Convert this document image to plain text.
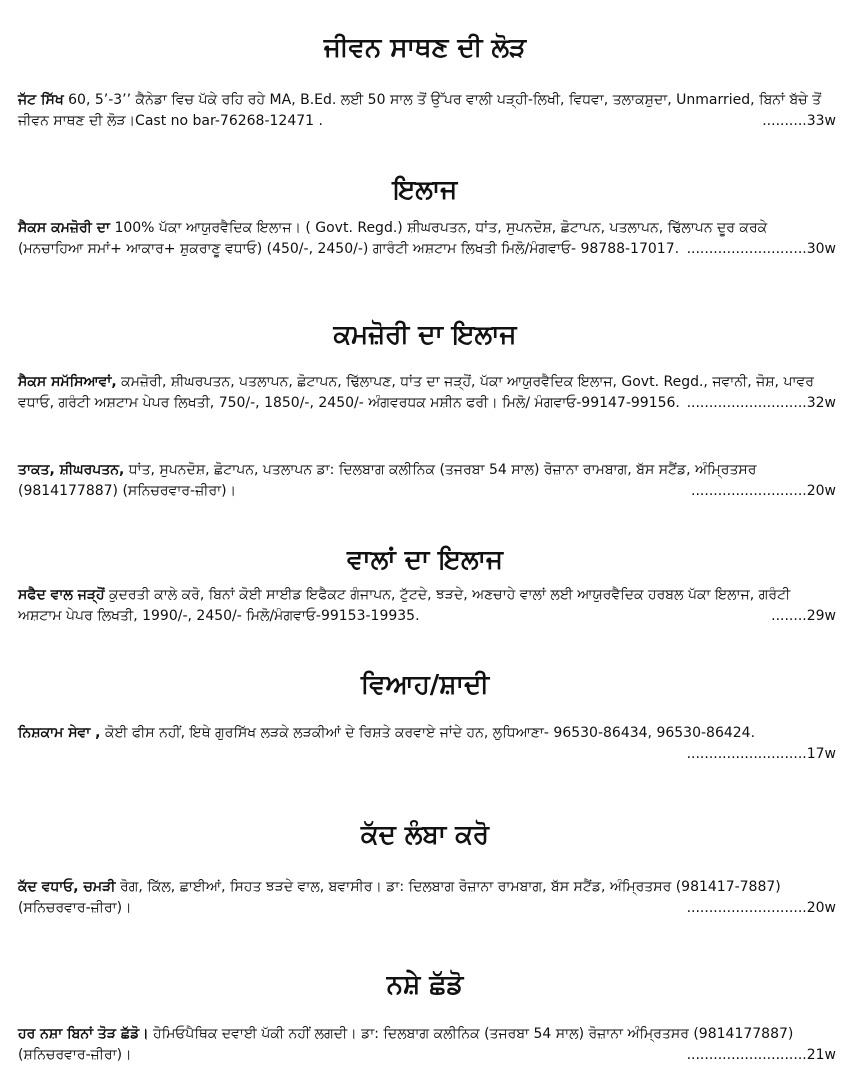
ਜੀਵਨ ਸਾਥਣ ਦੀ ਲੋੜ

ਜੱਟ ਸਿੱਖ 60, 5’-3’’ ਕੈਨੇਡਾ ਵਿਚ ਪੱਕੇ ਰਹਿ ਰਹੇ MA, B.Ed. ਲਈ 50 ਸਾਲ ਤੋਂ ਉੱਪਰ ਵਾਲੀ ਪੜ੍ਹੀ-ਲਿਖੀ, ਵਿਧਵਾ, ਤਲਾਕਸ਼ੁਦਾ, Unmarried, ਬਿਨਾਂ ਬੱਚੇ ਤੋਂ ਜੀਵਨ ਸਾਥਣ ਦੀ ਲੋੜ।Cast no bar-76268-12471 .	..........33w

ਇਲਾਜ

ਸੈਕਸ ਕਮਜ਼ੋਰੀ ਦਾ 100% ਪੱਕਾ ਆਯੁਰਵੈਦਿਕ ਇਲਾਜ। ( Govt. Regd.) ਸ਼ੀਘਰਪਤਨ, ਧਾਂਤ, ਸੁਪਨਦੋਸ਼, ਛੋਟਾਪਨ, ਪਤਲਾਪਨ, ਢਿੱਲਾਪਨ ਦੂਰ ਕਰਕੇ (ਮਨਚਾਹਿਆ ਸਮਾਂ+ ਆਕਾਰ+ ਸ਼ੁਕਰਾਣੂ ਵਧਾਓ) (450/-, 2450/-) ਗਾਰੰਟੀ ਅਸ਼ਟਾਮ ਲਿਖਤੀ ਮਿਲੋ/ਮੰਗਵਾਓ- 98788-17017. ...........................30w

ਕਮਜ਼ੋਰੀ ਦਾ ਇਲਾਜ

ਸੈਕਸ ਸਮੱਸਿਆਵਾਂ, ਕਮਜ਼ੋਰੀ, ਸ਼ੀਘਰਪਤਨ, ਪਤਲਾਪਨ, ਛੋਟਾਪਨ, ਢਿੱਲਾਪਣ, ਧਾਂਤ ਦਾ ਜੜ੍ਹੋਂ, ਪੱਕਾ ਆਯੁਰਵੈਦਿਕ ਇਲਾਜ, Govt. Regd., ਜਵਾਨੀ, ਜੋਸ਼, ਪਾਵਰ ਵਧਾਓ, ਗਰੰਟੀ ਅਸ਼ਟਾਮ ਪੇਪਰ ਲਿਖਤੀ, 750/-, 1850/-, 2450/- ਅੰਗਵਰਧਕ ਮਸ਼ੀਨ ਫਰੀ। ਮਿਲੋ/ ਮੰਗਵਾਓ-99147-99156. ...........................32w

ਤਾਕਤ, ਸ਼ੀਘਰਪਤਨ, ਧਾਂਤ, ਸੁਪਨਦੋਸ਼, ਛੋਟਾਪਨ, ਪਤਲਾਪਨ ਡਾ: ਦਿਲਬਾਗ ਕਲੀਨਿਕ (ਤਜਰਬਾ 54 ਸਾਲ) ਰੋਜ਼ਾਨਾ ਰਾਮਬਾਗ, ਬੱਸ ਸਟੈਂਡ, ਅੰਮ੍ਰਿਤਸਰ (9814177887) (ਸਨਿਚਰਵਾਰ-ਜ਼ੀਰਾ)।	..........................20w

ਵਾਲਾਂ ਦਾ ਇਲਾਜ

ਸਫੈਦ ਵਾਲ ਜੜ੍ਹੋਂ ਕੁਦਰਤੀ ਕਾਲੇ ਕਰੋ, ਬਿਨਾਂ ਕੋਈ ਸਾਈਡ ਇਫੈਕਟ ਗੰਜਾਪਨ, ਟੁੱਟਦੇ, ਝੜਦੇ, ਅਣਚਾਹੇ ਵਾਲਾਂ ਲਈ ਆਯੁਰਵੈਦਿਕ ਹਰਬਲ ਪੱਕਾ ਇਲਾਜ, ਗਰੰਟੀ ਅਸ਼ਟਾਮ ਪੇਪਰ ਲਿਖਤੀ, 1990/-, 2450/- ਮਿਲੋ/ਮੰਗਵਾਓ-99153-19935.	........29w

ਵਿਆਹ/ਸ਼ਾਦੀ

ਨਿਸ਼ਕਾਮ ਸੇਵਾ , ਕੋਈ ਫੀਸ ਨਹੀਂ, ਇਥੇ ਗੁਰਸਿੱਖ ਲੜਕੇ ਲੜਕੀਆਂ ਦੇ ਰਿਸ਼ਤੇ ਕਰਵਾਏ ਜਾਂਦੇ ਹਨ, ਲੁਧਿਆਣਾ- 96530-86434, 96530-86424.
...........................17w

ਕੱਦ ਲੰਬਾ ਕਰੋ

ਕੱਦ ਵਧਾਓ, ਚਮੜੀ ਰੋਗ, ਕਿੱਲ, ਛਾਈਆਂ, ਸਿਹਤ ਝੜਦੇ ਵਾਲ, ਬਵਾਸੀਰ। ਡਾ: ਦਿਲਬਾਗ ਰੋਜ਼ਾਨਾ ਰਾਮਬਾਗ, ਬੱਸ ਸਟੈਂਡ, ਅੰਮ੍ਰਿਤਸਰ (981417-7887) (ਸਨਿਚਰਵਾਰ-ਜ਼ੀਰਾ)।	...........................20w

ਨਸ਼ੇ ਛੱਡੋ

ਹਰ ਨਸ਼ਾ ਬਿਨਾਂ ਤੋੜ ਛੱਡੋ। ਹੋਮਿਓਪੈਥਿਕ ਦਵਾਈ ਪੱਕੀ ਨਹੀਂ ਲਗਦੀ। ਡਾ: ਦਿਲਬਾਗ ਕਲੀਨਿਕ (ਤਜਰਬਾ 54 ਸਾਲ) ਰੋਜ਼ਾਨਾ ਅੰਮ੍ਰਿਤਸਰ (9814177887) (ਸ਼ਨਿਚਰਵਾਰ-ਜ਼ੀਰਾ)।	...........................21w
